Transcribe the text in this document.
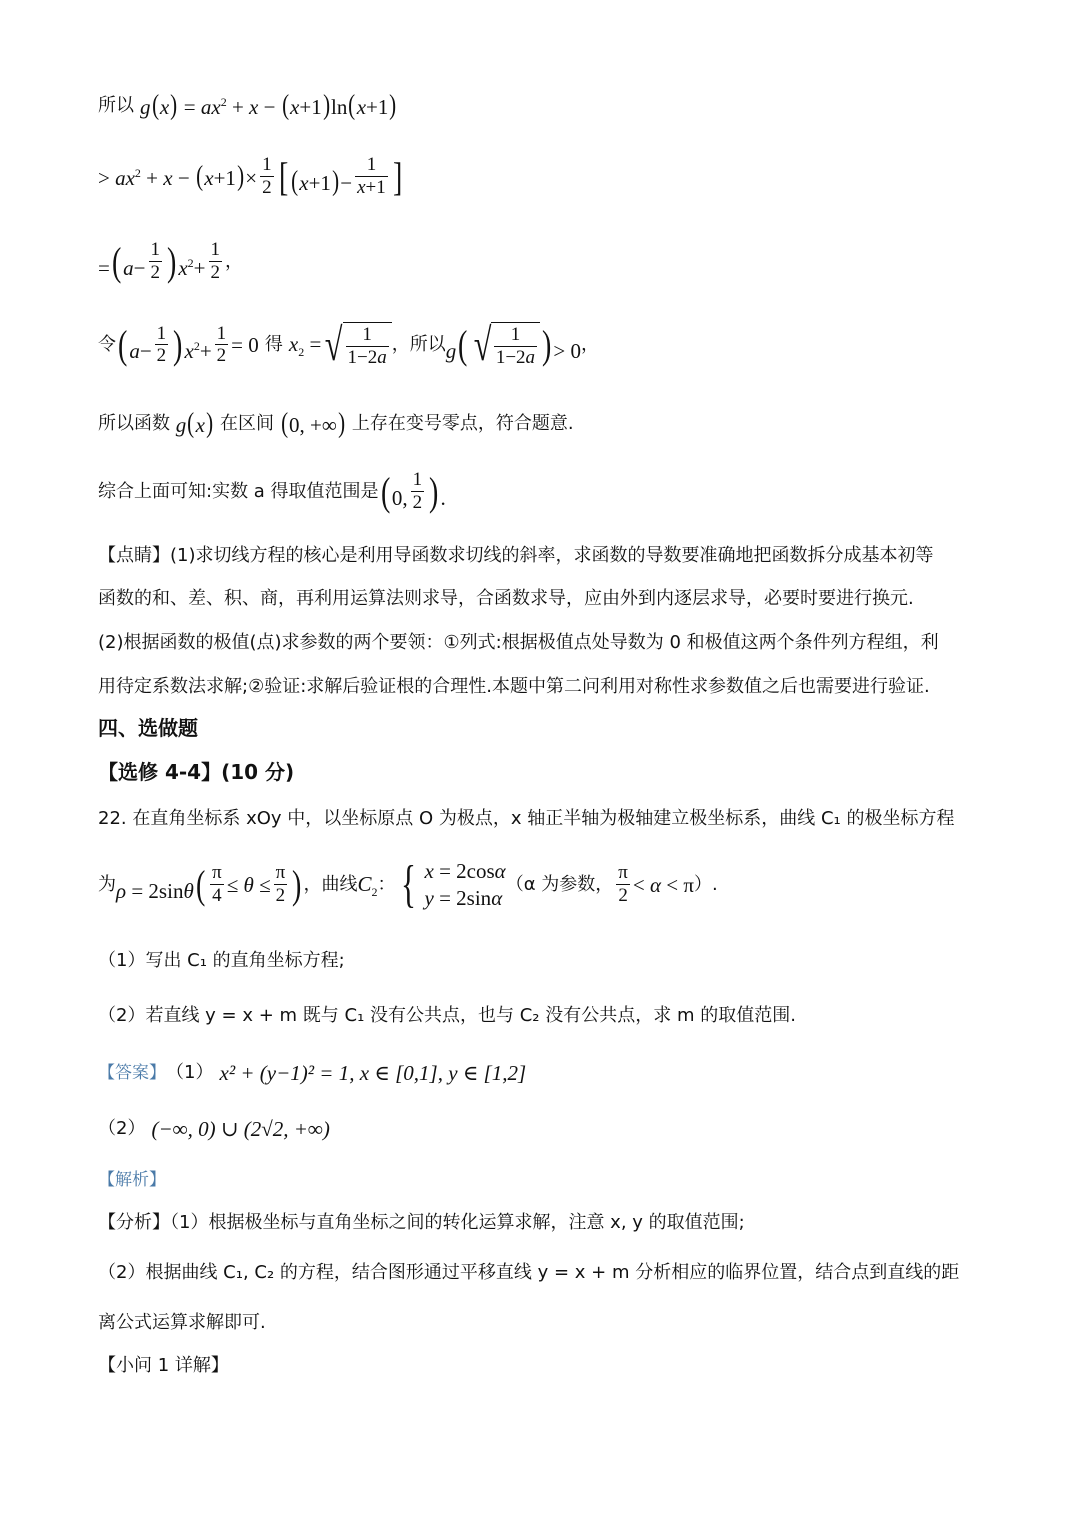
所以
$g(x) = ax^2 + x - (x+1)\ln(x+1)$
> $ax^2 + x - (x+1)\times \frac{1}{2}$ [ $(x+1)- \frac{1}{x+1}$ ]
$=(a- \frac{1}{2} )x^2+ \frac{1}{2}$ ，
令 $(a- \frac{1}{2} )x^2+ \frac{1}{2} = 0$
得
$x_2$ = √ $\frac{1}{1-2a}$ ，所以 g( √ $\frac{1}{1-2a}$ )> 0 ，
所以函数 g(x) 在区间 (0, +∞) 上存在变号零点，符合题意.
综合上面可知:实数 a 得取值范围是 (0, $\frac{1}{2}$ ).
【点睛】(1)求切线方程的核心是利用导函数求切线的斜率，求函数的导数要准确地把函数拆分成基本初等
函数的和、差、积、商，再利用运算法则求导，合函数求导，应由外到内逐层求导，必要时要进行换元.
(2)根据函数的极值(点)求参数的两个要领：①列式:根据极值点处导数为 0 和极值这两个条件列方程组，利
用待定系数法求解;②验证:求解后验证根的合理性.本题中第二问利用对称性求参数值之后也需要进行验证.
四、选做题
【选修 4-4】(10 分)
22. 在直角坐标系 xOy 中，以坐标原点 O 为极点，x 轴正半轴为极轴建立极坐标系，曲线 C₁ 的极坐标方程
为 $\rho = 2\sin\theta( \frac{\pi}{4} \le \theta \le \frac{\pi}{2}$ ) ，曲线 $C_2$ ： { x = 2cosα
y = 2sinα
（α 为参数， $\frac{\pi}{2} < \alpha < \pi$ ）.
（1）写出 C₁ 的直角坐标方程;
（2）若直线 y = x + m 既与 C₁ 没有公共点，也与 C₂ 没有公共点，求 m 的取值范围.
【答案】 （1）
x² + (y−1)² = 1, x ∈ [0,1], y ∈ [1,2]
（2）
(−∞, 0) ∪ (2√2, +∞)
【解析】
【分析】（1）根据极坐标与直角坐标之间的转化运算求解，注意 x, y 的取值范围;
（2）根据曲线 C₁, C₂ 的方程，结合图形通过平移直线 y = x + m 分析相应的临界位置，结合点到直线的距
离公式运算求解即可.
【小问 1 详解】
